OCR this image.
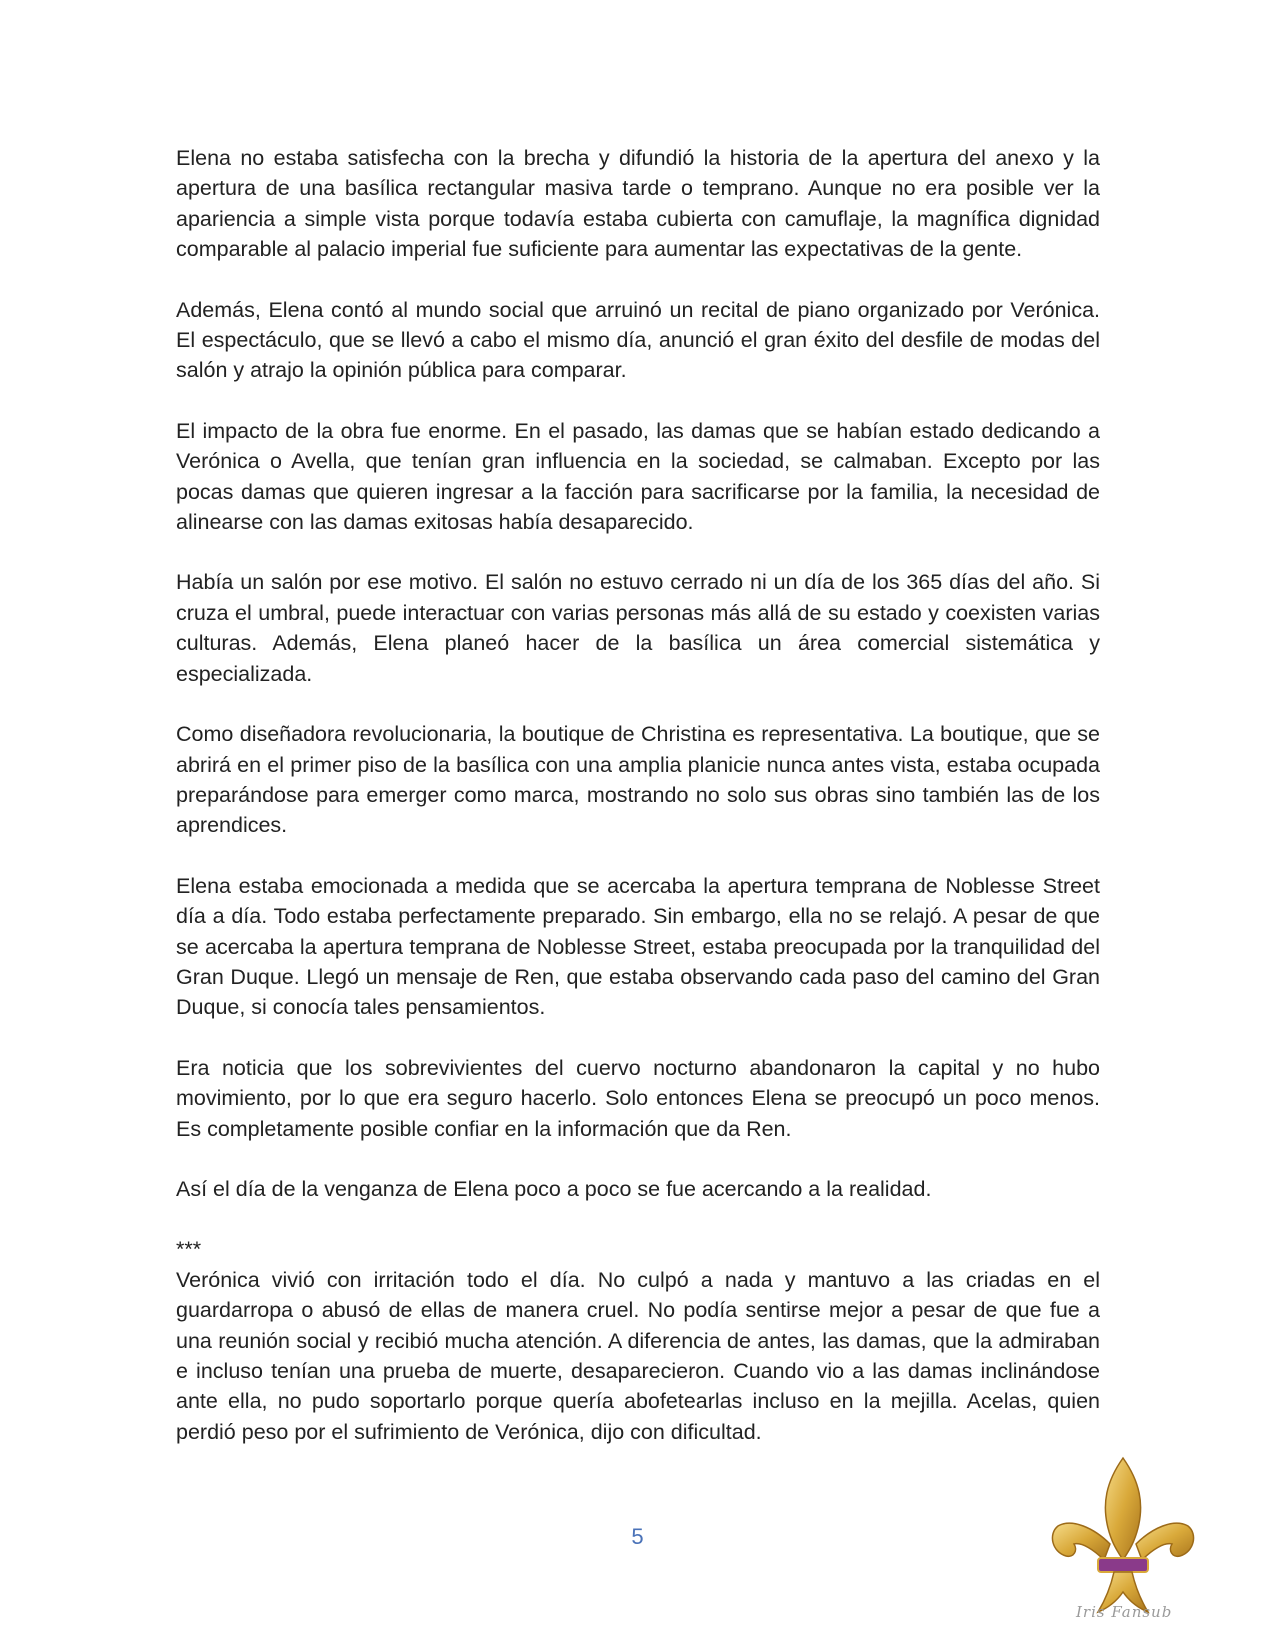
Elena no estaba satisfecha con la brecha y difundió la historia de la apertura del anexo y la apertura de una basílica rectangular masiva tarde o temprano. Aunque no era posible ver la apariencia a simple vista porque todavía estaba cubierta con camuflaje, la magnífica dignidad comparable al palacio imperial fue suficiente para aumentar las expectativas de la gente.

Además, Elena contó al mundo social que arruinó un recital de piano organizado por Verónica. El espectáculo, que se llevó a cabo el mismo día, anunció el gran éxito del desfile de modas del salón y atrajo la opinión pública para comparar.

El impacto de la obra fue enorme. En el pasado, las damas que se habían estado dedicando a Verónica o Avella, que tenían gran influencia en la sociedad, se calmaban. Excepto por las pocas damas que quieren ingresar a la facción para sacrificarse por la familia, la necesidad de alinearse con las damas exitosas había desaparecido.

Había un salón por ese motivo. El salón no estuvo cerrado ni un día de los 365 días del año. Si cruza el umbral, puede interactuar con varias personas más allá de su estado y coexisten varias culturas. Además, Elena planeó hacer de la basílica un área comercial sistemática y especializada.

Como diseñadora revolucionaria, la boutique de Christina es representativa. La boutique, que se abrirá en el primer piso de la basílica con una amplia planicie nunca antes vista, estaba ocupada preparándose para emerger como marca, mostrando no solo sus obras sino también las de los aprendices.

Elena estaba emocionada a medida que se acercaba la apertura temprana de Noblesse Street día a día. Todo estaba perfectamente preparado. Sin embargo, ella no se relajó. A pesar de que se acercaba la apertura temprana de Noblesse Street, estaba preocupada por la tranquilidad del Gran Duque. Llegó un mensaje de Ren, que estaba observando cada paso del camino del Gran Duque, si conocía tales pensamientos.

Era noticia que los sobrevivientes del cuervo nocturno abandonaron la capital y no hubo movimiento, por lo que era seguro hacerlo. Solo entonces Elena se preocupó un poco menos. Es completamente posible confiar en la información que da Ren.

Así el día de la venganza de Elena poco a poco se fue acercando a la realidad.

***

Verónica vivió con irritación todo el día. No culpó a nada y mantuvo a las criadas en el guardarropa o abusó de ellas de manera cruel. No podía sentirse mejor a pesar de que fue a una reunión social y recibió mucha atención. A diferencia de antes, las damas, que la admiraban e incluso tenían una prueba de muerte, desaparecieron. Cuando vio a las damas inclinándose ante ella, no pudo soportarlo porque quería abofetearlas incluso en la mejilla. Acelas, quien perdió peso por el sufrimiento de Verónica, dijo con dificultad.

5
Iris Fansub
